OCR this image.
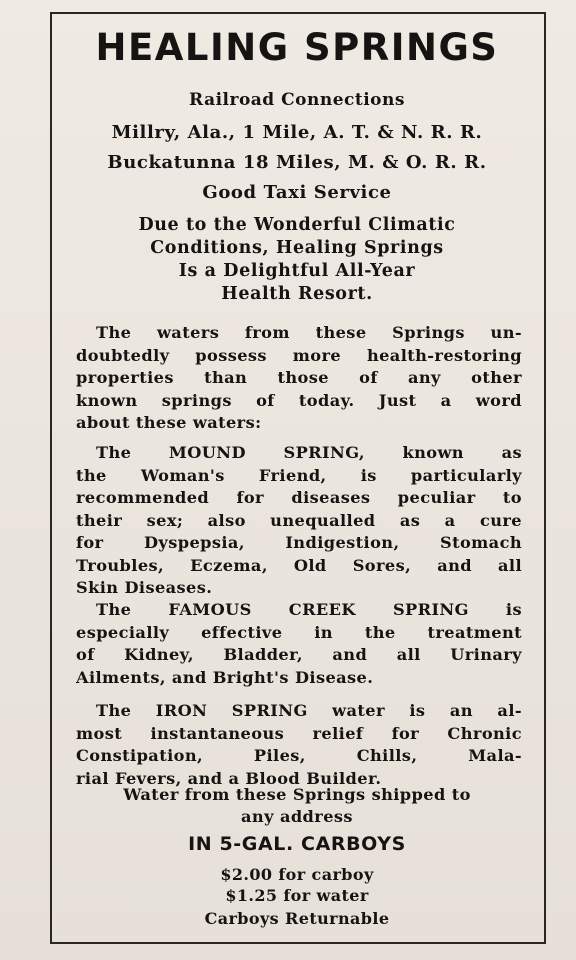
HEALING SPRINGS
Railroad Connections
Millry, Ala., 1 Mile, A. T. & N. R. R.
Buckatunna 18 Miles, M. & O. R. R.
Good Taxi Service
Due to the Wonderful Climatic
Conditions, Healing Springs
Is a Delightful All-Year
Health Resort.
The waters from these Springs un-
doubtedly possess more health-restoring
properties than those of any other
known springs of today. Just a word
about these waters:
The MOUND SPRING, known as
the Woman's Friend, is particularly
recommended for diseases peculiar to
their sex; also unequalled as a cure
for Dyspepsia, Indigestion, Stomach
Troubles, Eczema, Old Sores, and all
Skin Diseases.
The FAMOUS CREEK SPRING is
especially effective in the treatment
of Kidney, Bladder, and all Urinary
Ailments, and Bright's Disease.
The IRON SPRING water is an al-
most instantaneous relief for Chronic
Constipation, Piles, Chills, Mala-
rial Fevers, and a Blood Builder.
Water from these Springs shipped to
any address
IN 5-GAL. CARBOYS
$2.00 for carboy
$1.25 for water
Carboys Returnable
